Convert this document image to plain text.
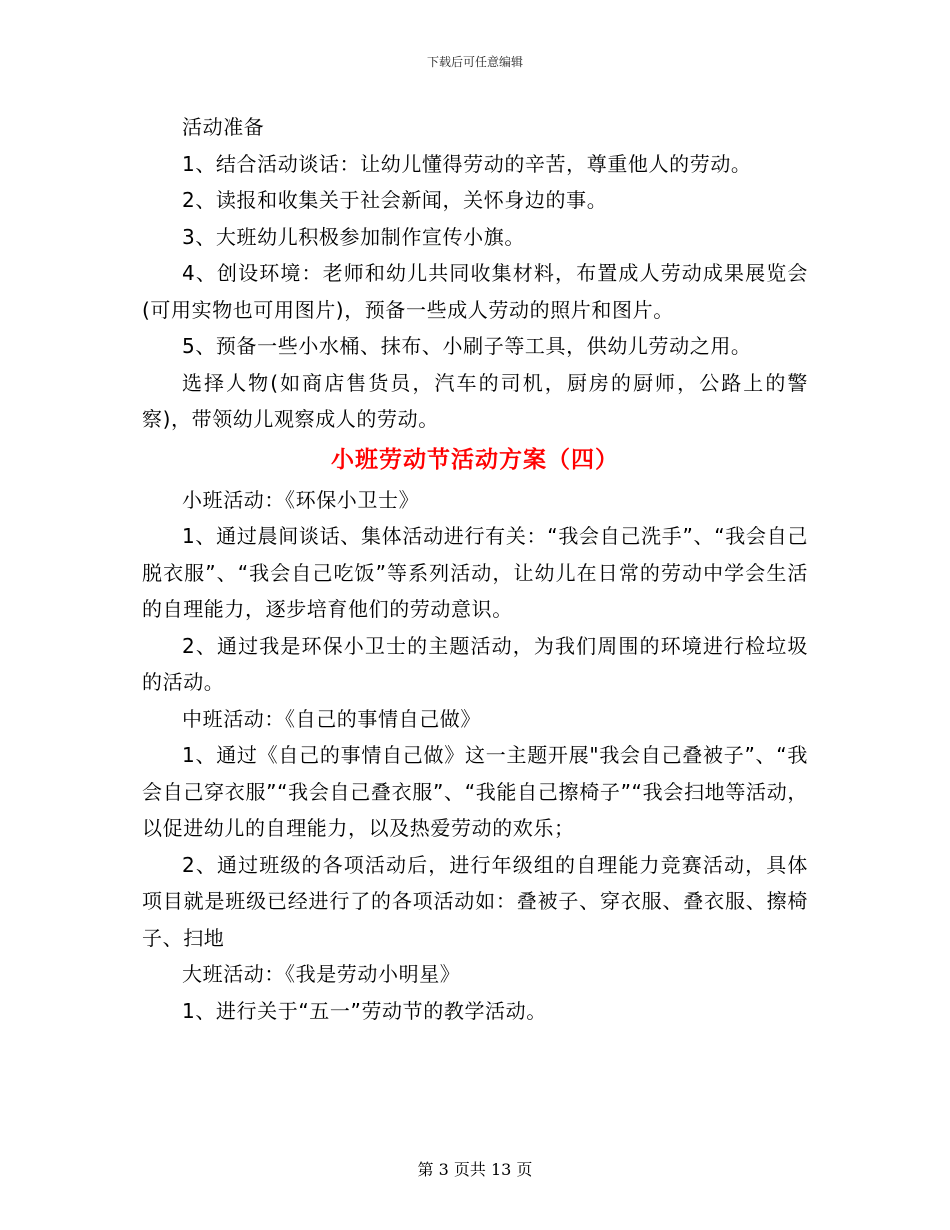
下载后可任意编辑

活动准备

1、结合活动谈话：让幼儿懂得劳动的辛苦，尊重他人的劳动。

2、读报和收集关于社会新闻，关怀身边的事。

3、大班幼儿积极参加制作宣传小旗。

4、创设环境：老师和幼儿共同收集材料，布置成人劳动成果展览会(可用实物也可用图片)，预备一些成人劳动的照片和图片。

5、预备一些小水桶、抹布、小刷子等工具，供幼儿劳动之用。

选择人物(如商店售货员，汽车的司机，厨房的厨师，公路上的警察)，带领幼儿观察成人的劳动。

小班劳动节活动方案（四）

小班活动：《环保小卫士》

1、通过晨间谈话、集体活动进行有关：“我会自己洗手”、“我会自己脱衣服”、“我会自己吃饭”等系列活动，让幼儿在日常的劳动中学会生活的自理能力，逐步培育他们的劳动意识。

2、通过我是环保小卫士的主题活动，为我们周围的环境进行检垃圾的活动。

中班活动：《自己的事情自己做》

1、通过《自己的事情自己做》这一主题开展"我会自己叠被子”、“我会自己穿衣服”“我会自己叠衣服”、“我能自己擦椅子”“我会扫地等活动，以促进幼儿的自理能力，以及热爱劳动的欢乐；

2、通过班级的各项活动后，进行年级组的自理能力竞赛活动，具体项目就是班级已经进行了的各项活动如：叠被子、穿衣服、叠衣服、擦椅子、扫地

大班活动：《我是劳动小明星》

1、进行关于“五一”劳动节的教学活动。

第 3 页共 13 页
